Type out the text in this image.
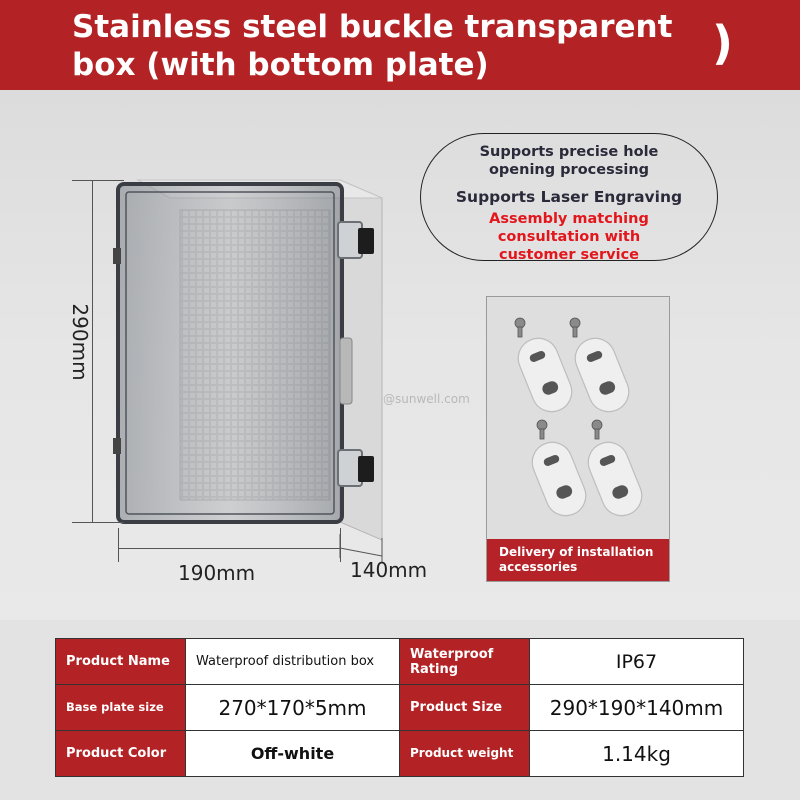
Stainless steel buckle transparent box (with bottom plate)	)
@sunwell.com
290mm
190mm	140mm
Supports precise hole opening processing
Supports Laser Engraving
Assembly matching consultation with customer service
Delivery of installation accessories
Product Name	Waterproof distribution box	Waterproof Rating	IP67
Base plate size	270*170*5mm	Product Size	290*190*140mm
Product Color	Off-white	Product weight	1.14kg
